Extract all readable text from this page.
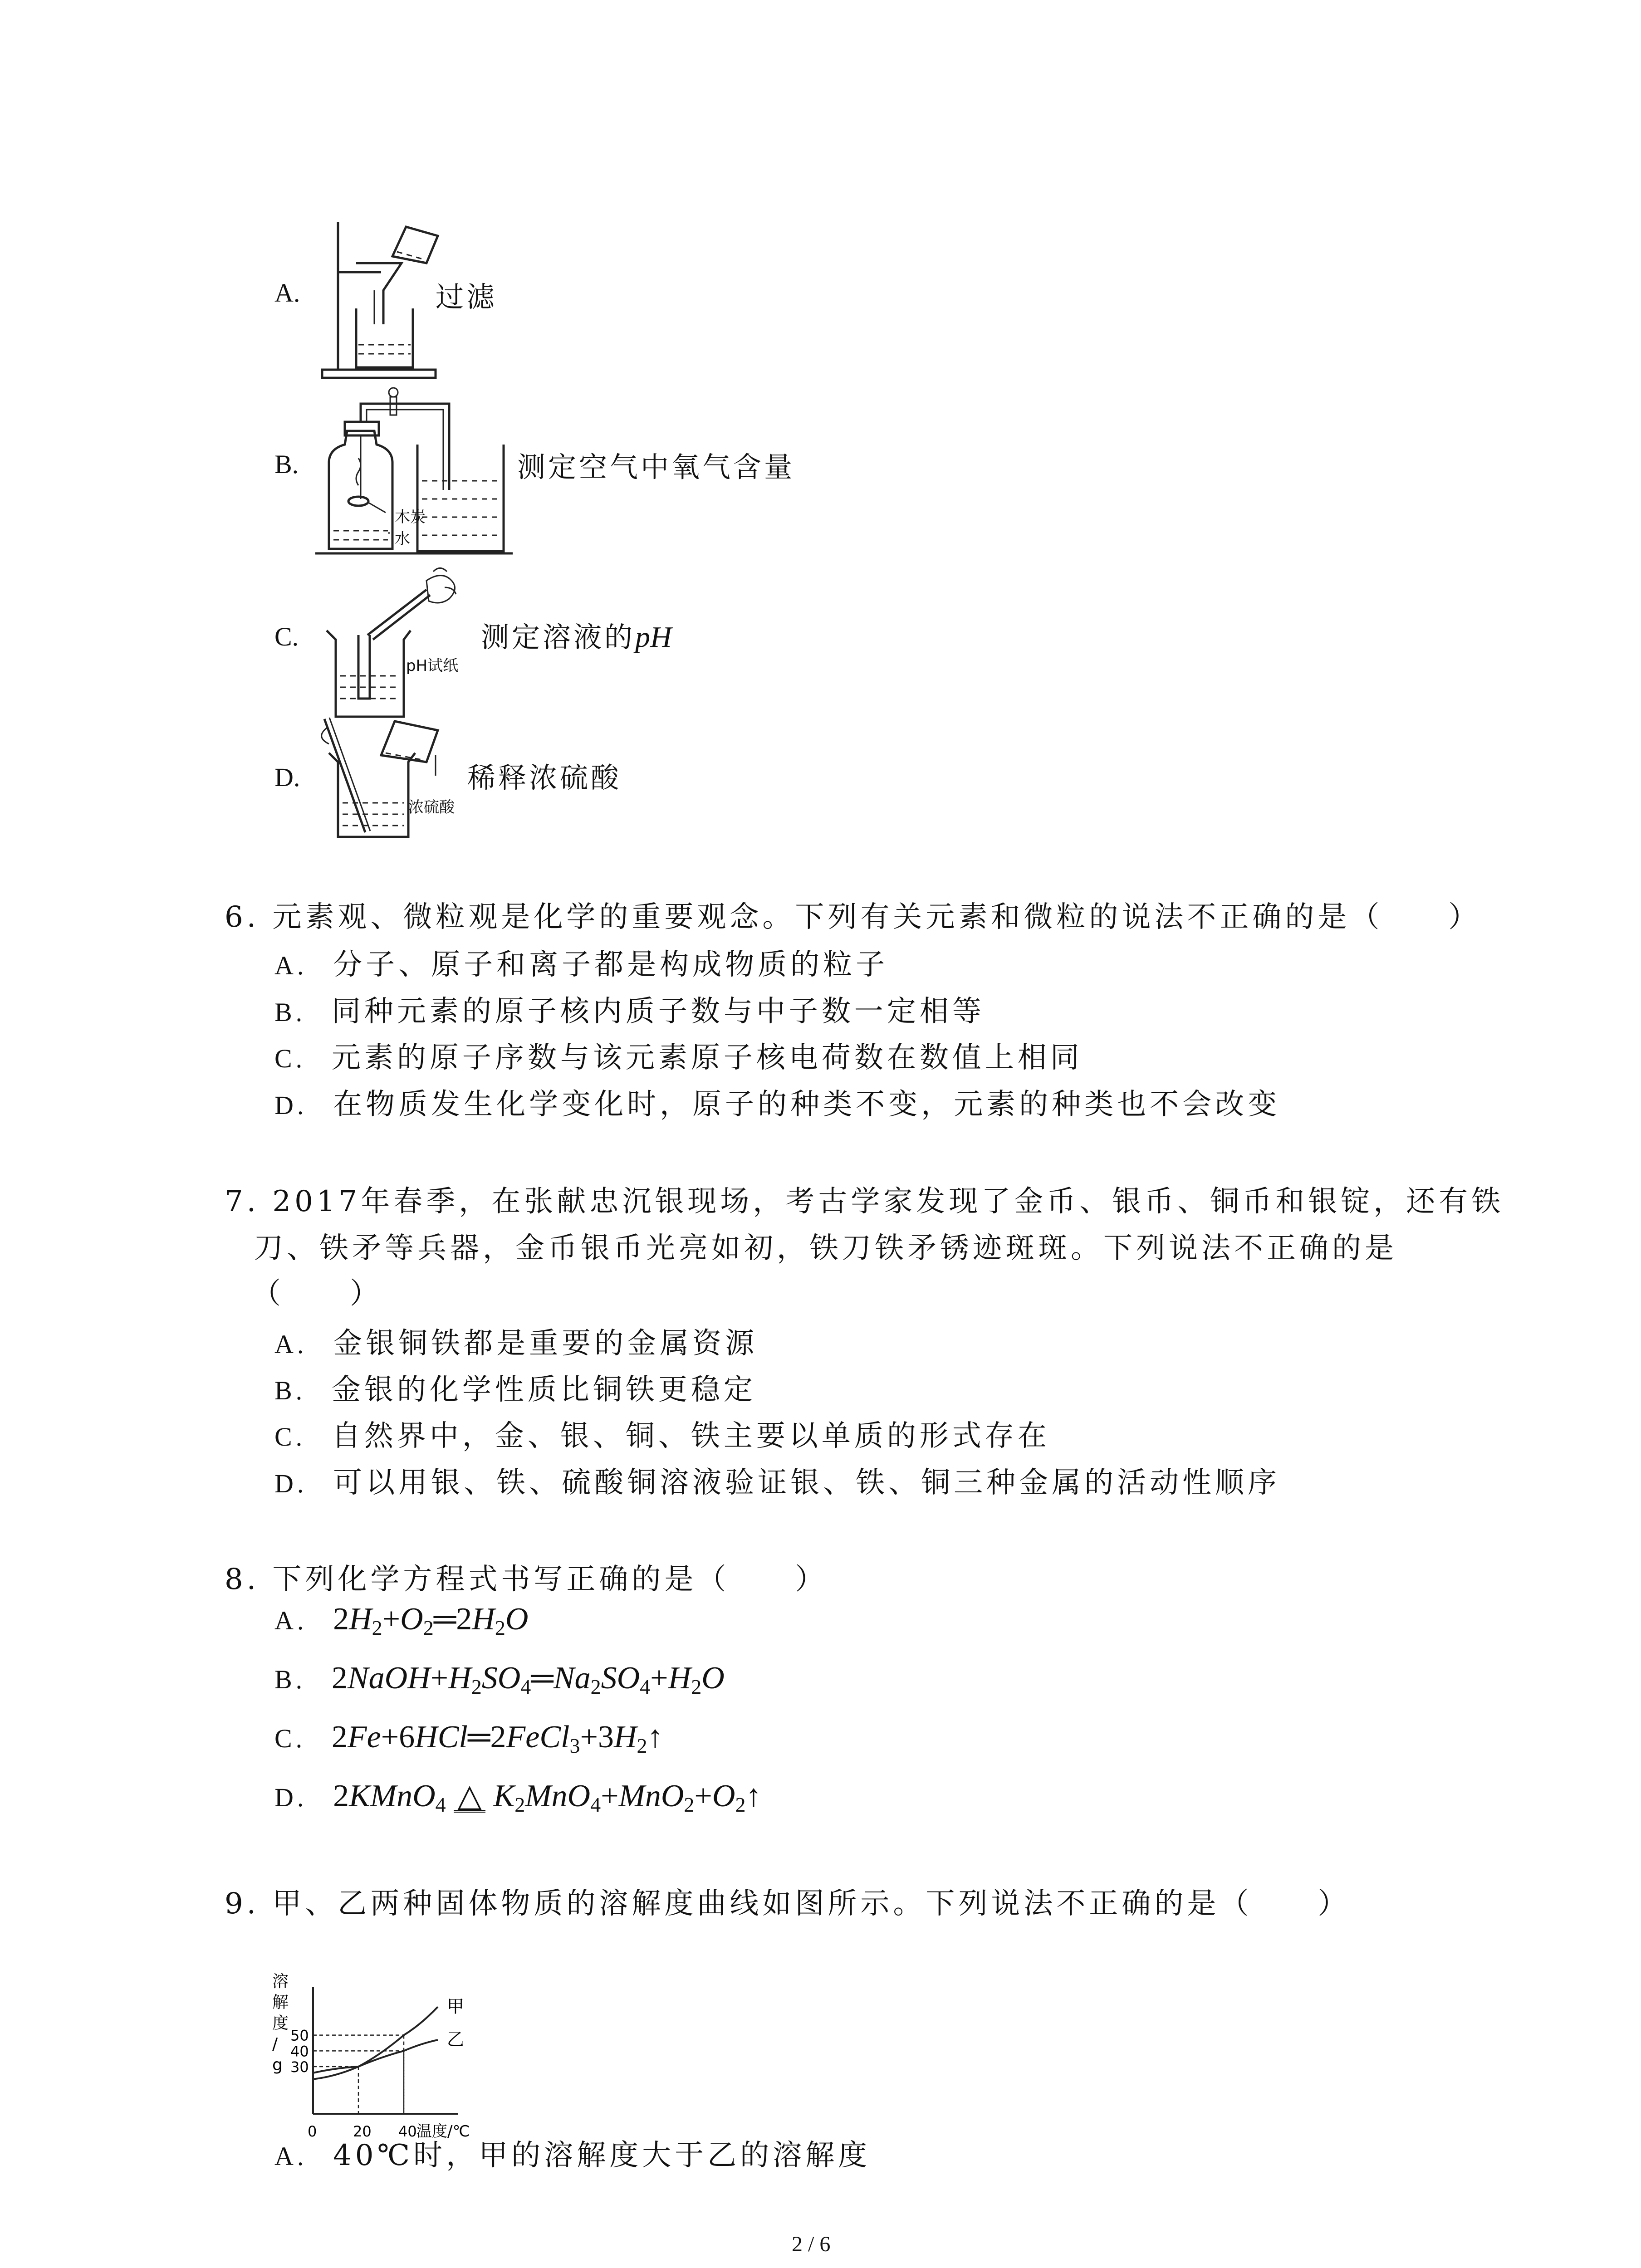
A.	过滤
B.
木炭
水
测定空气中氧气含量
C.
pH试纸
测定溶液的pH
D.
浓硫酸
稀释浓硫酸
6. 元素观、微粒观是化学的重要观念。下列有关元素和微粒的说法不正确的是（　　）
A. 分子、原子和离子都是构成物质的粒子
B. 同种元素的原子核内质子数与中子数一定相等
C. 元素的原子序数与该元素原子核电荷数在数值上相同
D. 在物质发生化学变化时，原子的种类不变，元素的种类也不会改变
7. 2017年春季，在张献忠沉银现场，考古学家发现了金币、银币、铜币和银锭，还有铁
刀、铁矛等兵器，金币银币光亮如初，铁刀铁矛锈迹斑斑。下列说法不正确的是
（　　）
A. 金银铜铁都是重要的金属资源
B. 金银的化学性质比铜铁更稳定
C. 自然界中，金、银、铜、铁主要以单质的形式存在
D. 可以用银、铁、硫酸铜溶液验证银、铁、铜三种金属的活动性顺序
8. 下列化学方程式书写正确的是（　　）
A. $2H_2+O_2═2H_2O$
B. $2NaOH+H_2SO_4═Na_2SO_4+H_2O$
C. $2Fe+6HCl═2FeCl_3+3H_2↑$
D. 2KMnO$_4$ △ $K_2MnO_4+MnO_2+O_2↑$
9. 甲、乙两种固体物质的溶解度曲线如图所示。下列说法不正确的是（　　）
溶
解
度
/
g 30
40
50
0 20 40 温度/℃
甲
乙
A. 40℃时，甲的溶解度大于乙的溶解度
2 / 6
